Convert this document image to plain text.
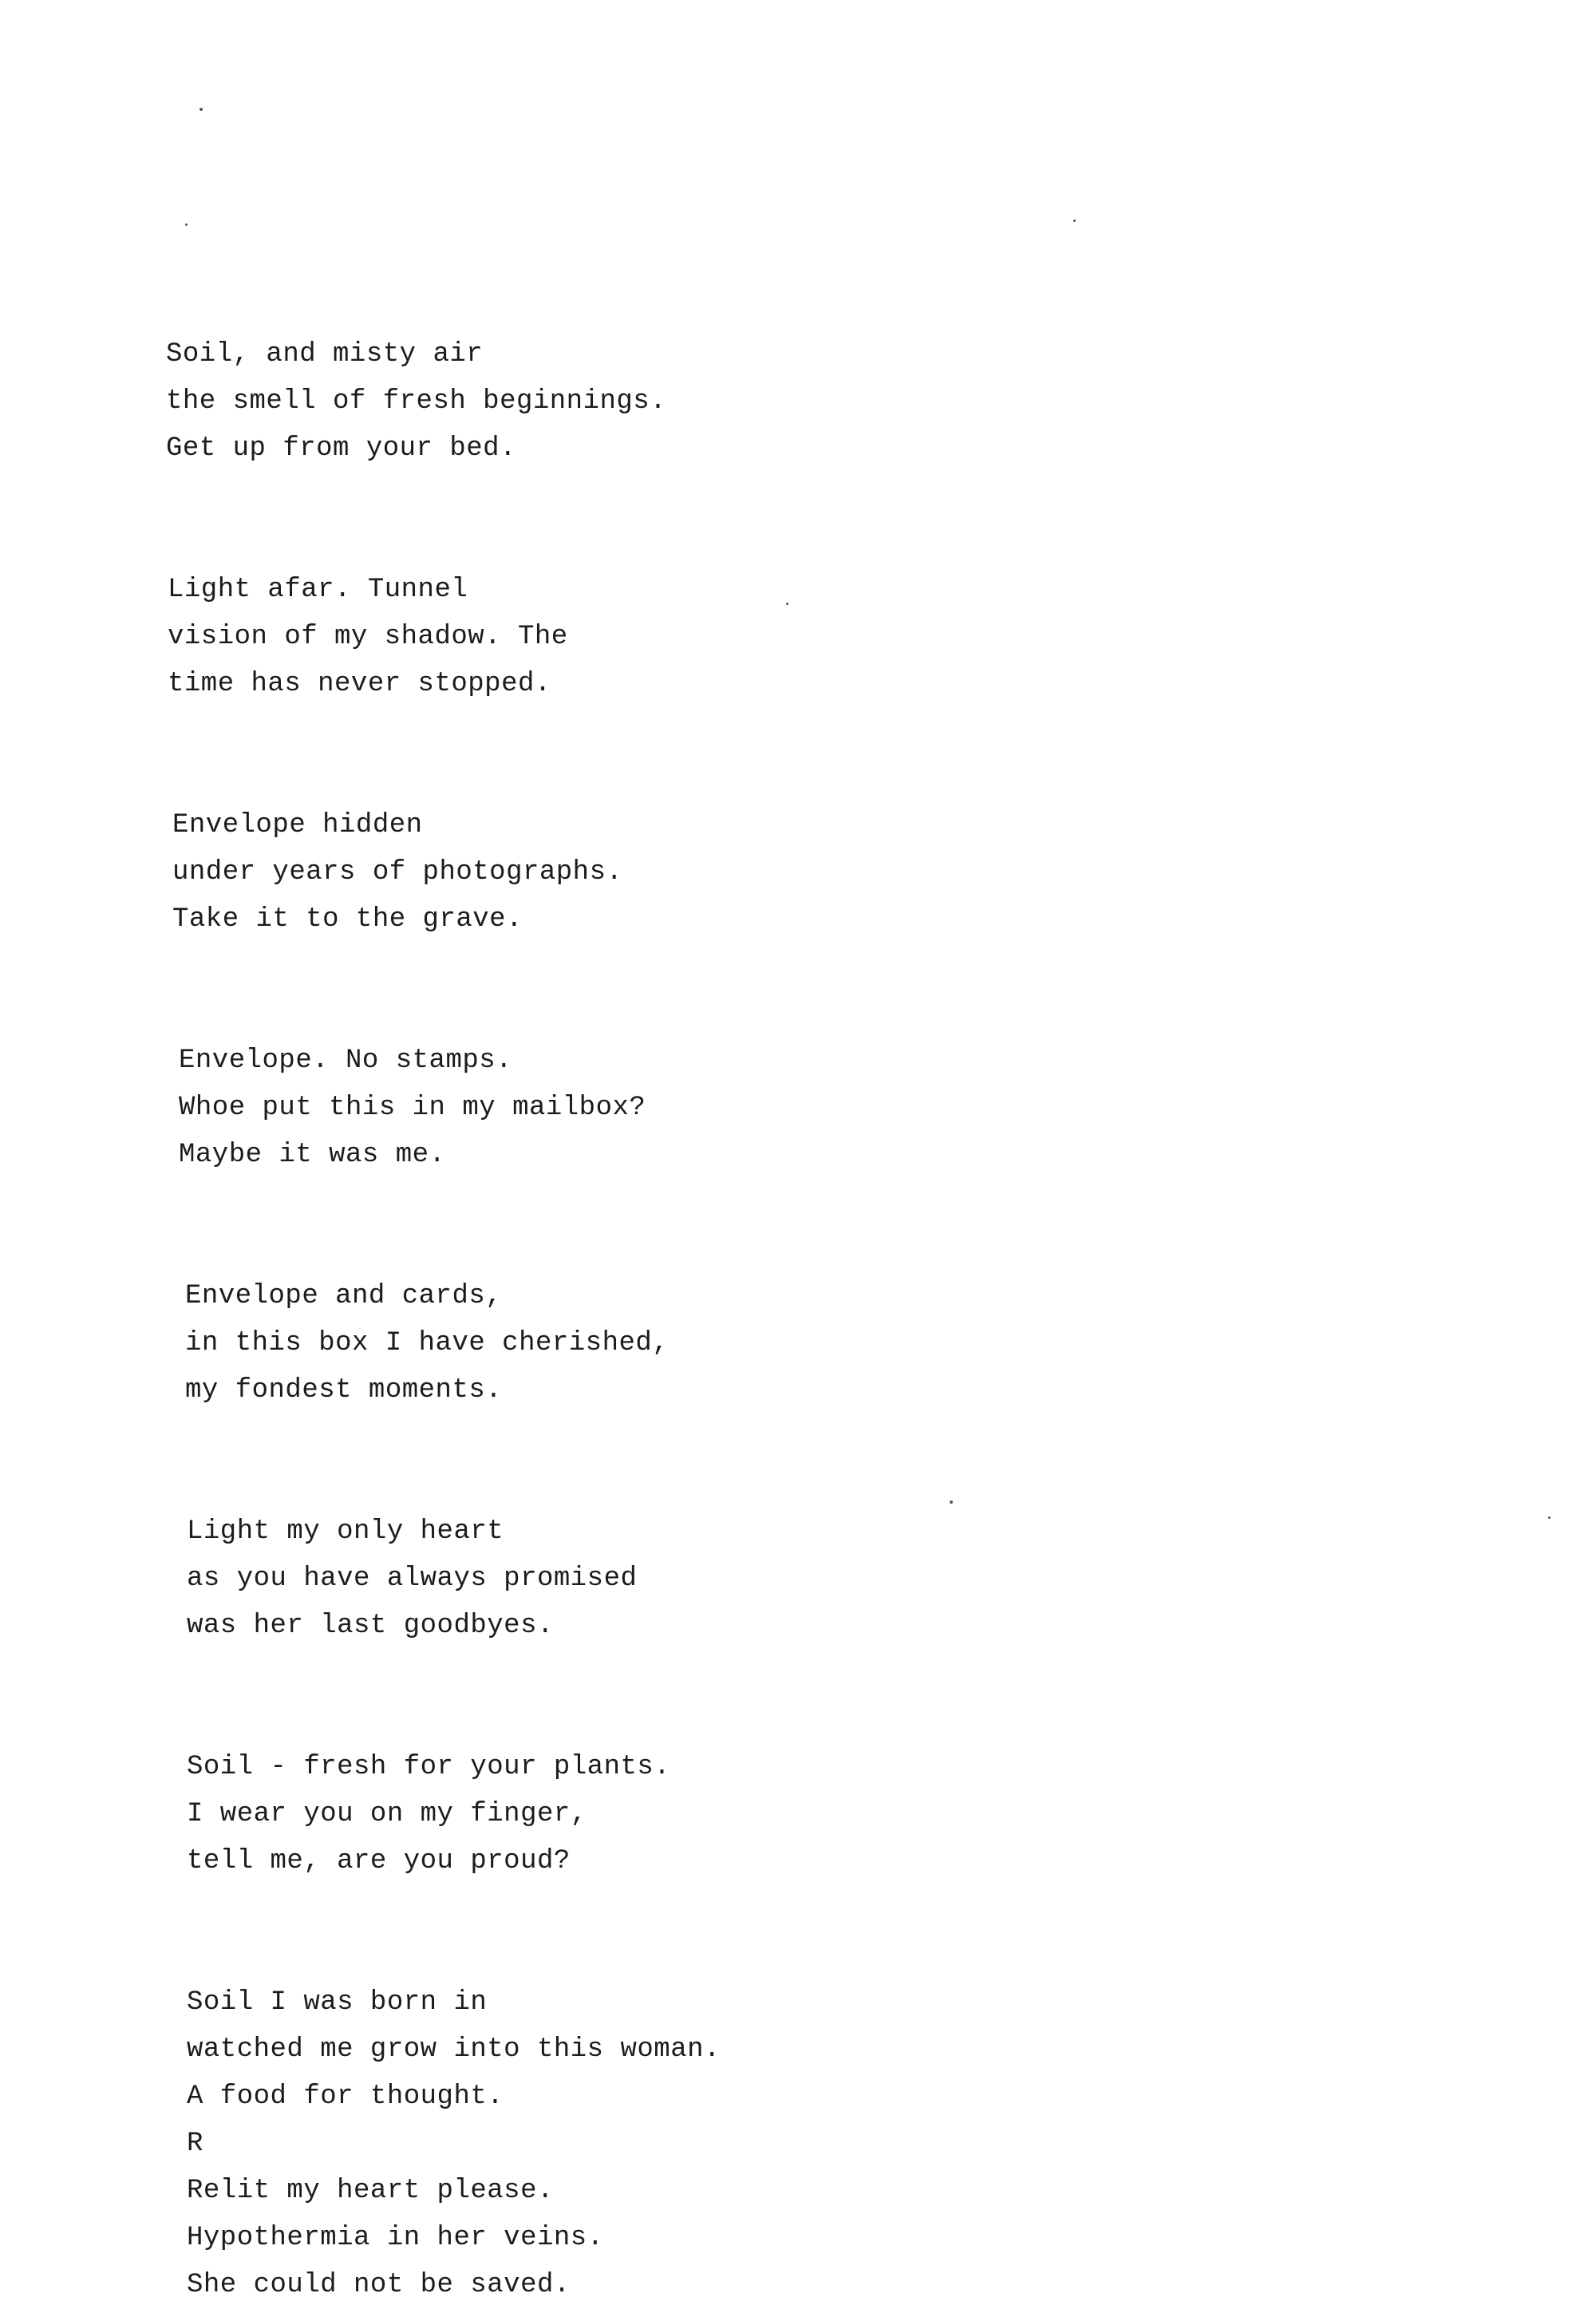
Soil, and misty air
the smell of fresh beginnings.
Get up from your bed.
Light afar. Tunnel
vision of my shadow. The
time has never stopped.
Envelope hidden
under years of photographs.
Take it to the grave.
Envelope. No stamps.
Whoe put this in my mailbox?
Maybe it was me.
Envelope and cards,
in this box I have cherished,
my fondest moments.
Light my only heart
as you have always promised
was her last goodbyes.
Soil - fresh for your plants.
I wear you on my finger,
tell me, are you proud?
Soil I was born in
watched me grow into this woman.
A food for thought.
R
Relit my heart please.
Hypothermia in her veins.
She could not be saved.
